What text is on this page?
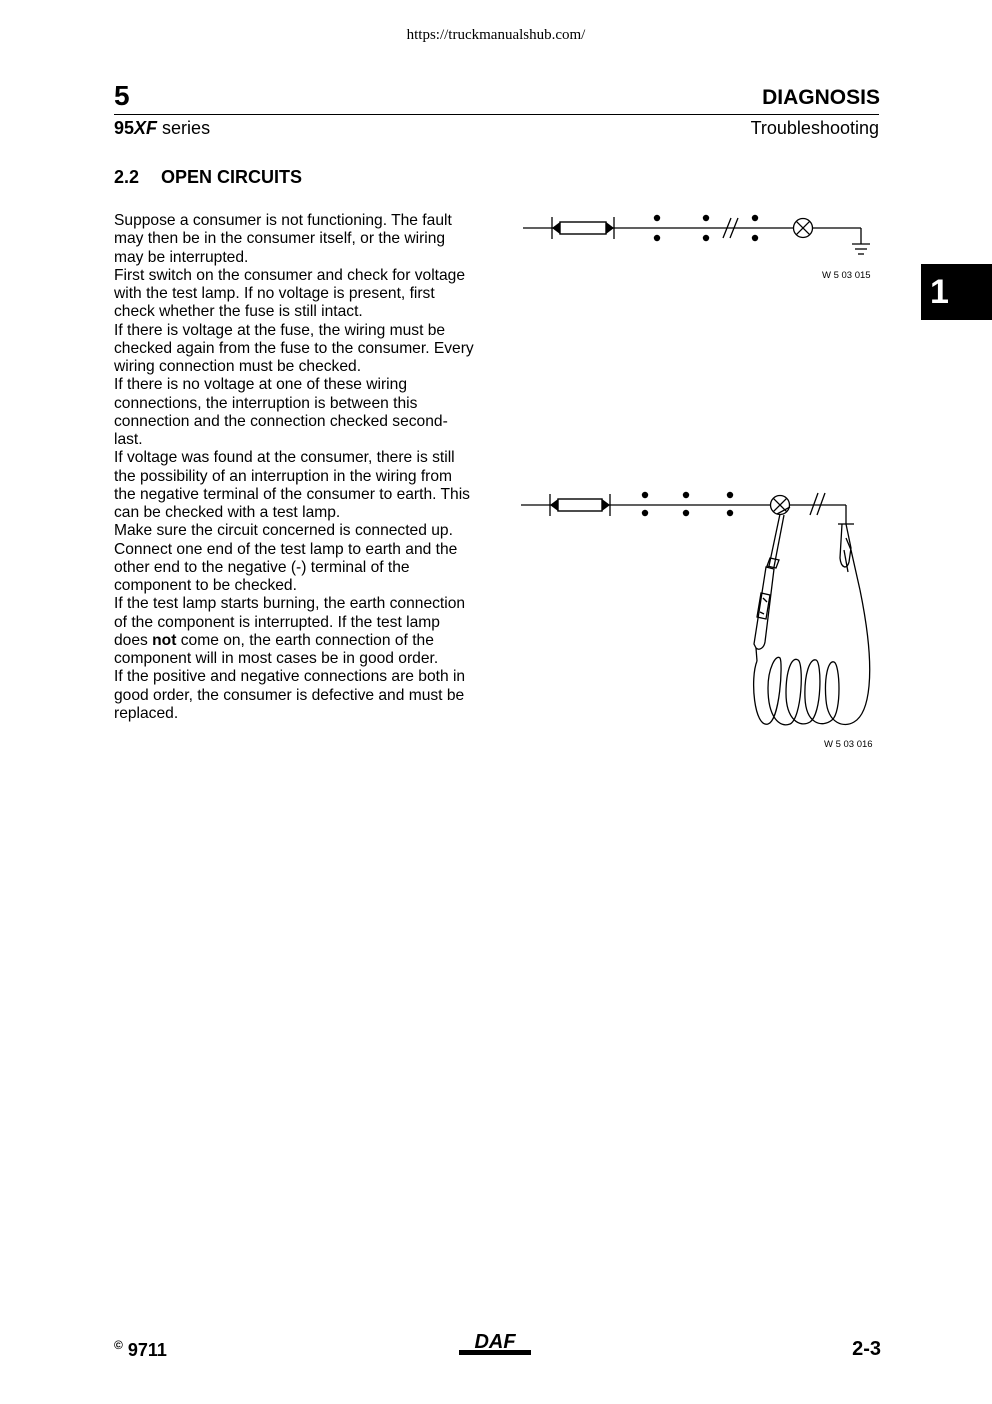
https://truckmanualshub.com/
5	DIAGNOSIS
95XF series	Troubleshooting
1
2.2 OPEN CIRCUITS

Suppose a consumer is not functioning. The fault may then be in the consumer itself, or the wiring may be interrupted.

First switch on the consumer and check for voltage with the test lamp. If no voltage is present, first check whether the fuse is still intact.

If there is voltage at the fuse, the wiring must be checked again from the fuse to the consumer. Every wiring connection must be checked.

If there is no voltage at one of these wiring connections, the interruption is between this connection and the connection checked second-last.

If voltage was found at the consumer, there is still the possibility of an interruption in the wiring from the negative terminal of the consumer to earth. This can be checked with a test lamp.

Make sure the circuit concerned is connected up.

Connect one end of the test lamp to earth and the other end to the negative (-) terminal of the component to be checked.

If the test lamp starts burning, the earth connection of the component is interrupted. If the test lamp does not come on, the earth connection of the component will in most cases be in good order.

If the positive and negative connections are both in good order, the consumer is defective and must be replaced.

W 5 03 015
W 5 03 016
© 9711	DAF	2-3
